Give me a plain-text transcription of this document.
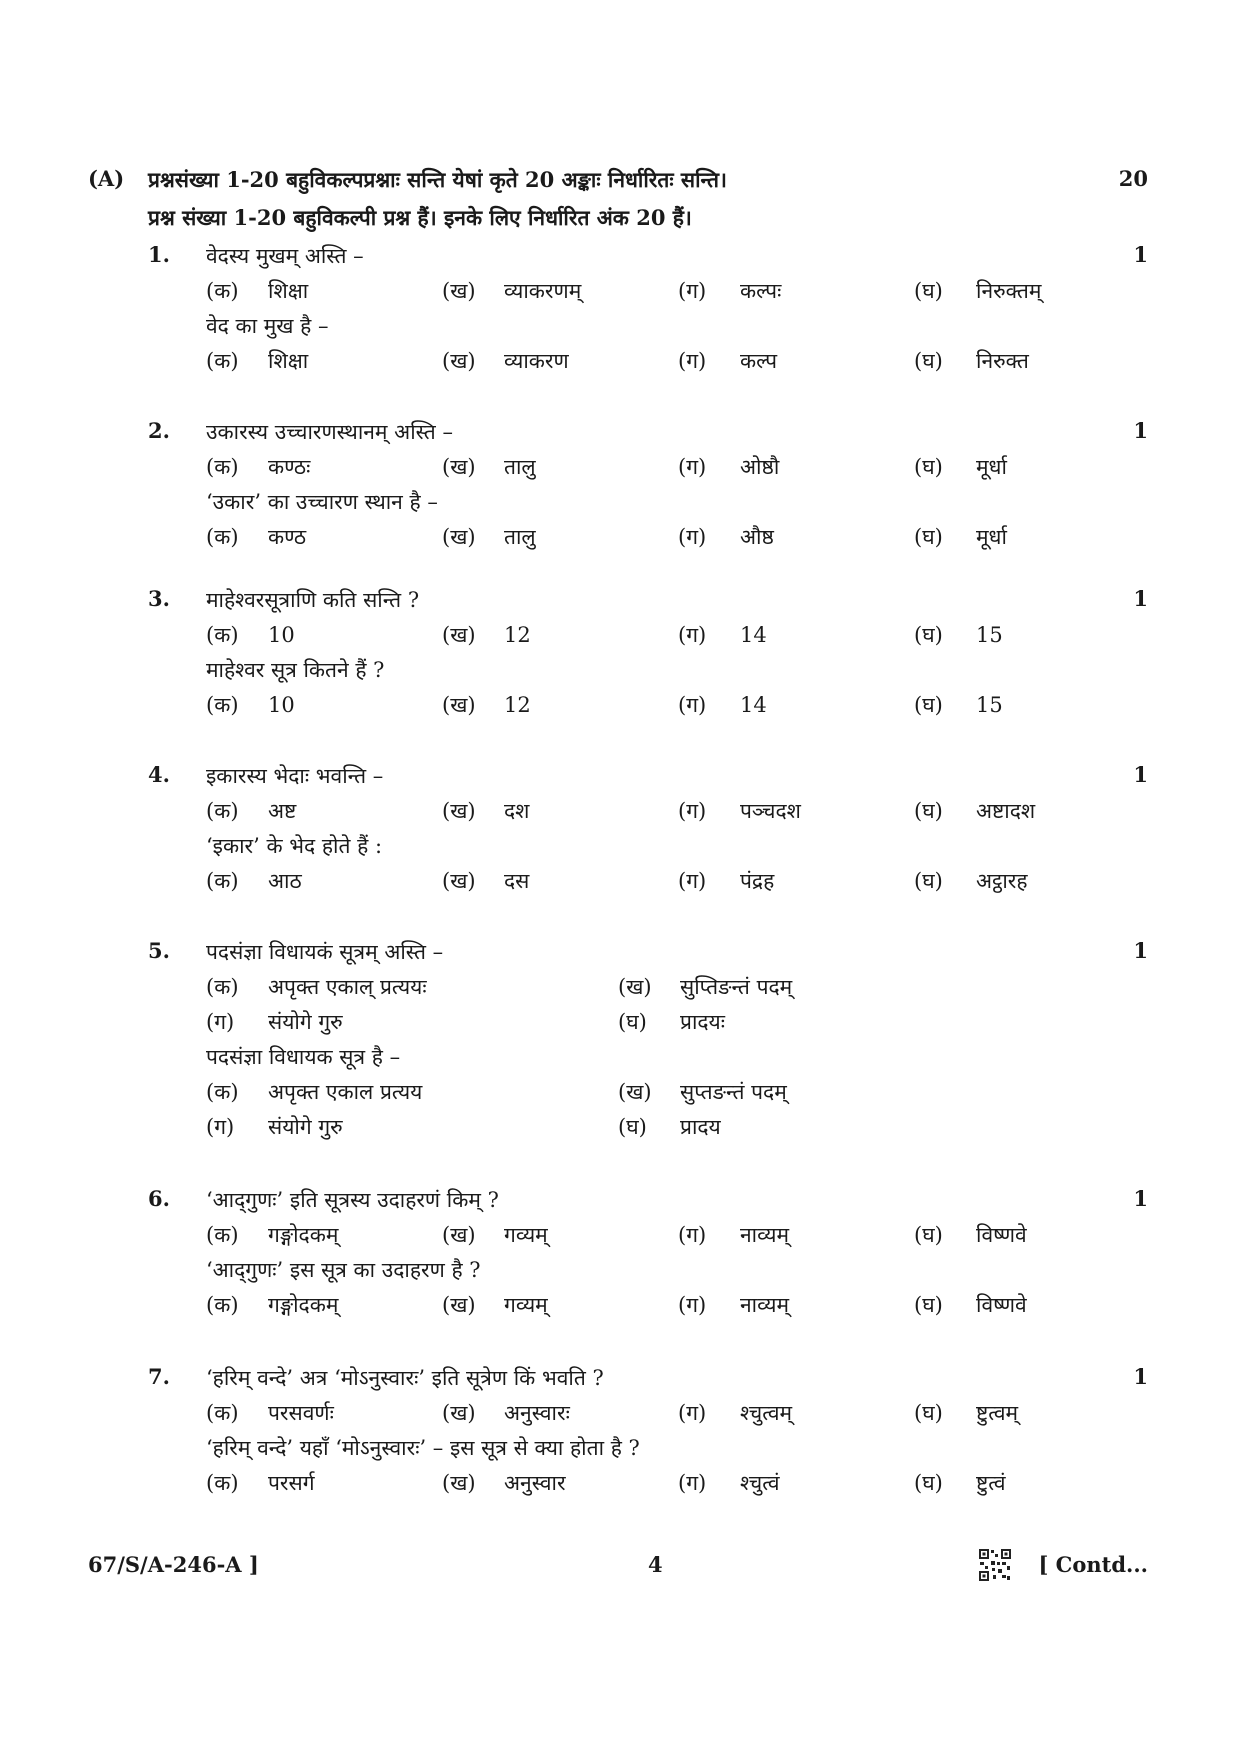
(A) प्रश्नसंख्या 1-20 बहुविकल्पप्रश्नाः सन्ति येषां कृते 20 अङ्काः निर्धारितः सन्ति।
प्रश्न संख्या 1-20 बहुविकल्पी प्रश्न हैं। इनके लिए निर्धारित अंक 20 हैं।
20
1.	1
वेदस्य मुखम् अस्ति –
(क) शिक्षा	(ख) व्याकरणम्	(ग) कल्पः	(घ) निरुक्तम्
वेद का मुख है –
(क) शिक्षा	(ख) व्याकरण	(ग) कल्प	(घ) निरुक्त
2.	1
उकारस्य उच्चारणस्थानम् अस्ति –
(क) कण्ठः	(ख) तालु	(ग) ओष्ठौ	(घ) मूर्धा
‘उकार’ का उच्चारण स्थान है –
(क) कण्ठ	(ख) तालु	(ग) औष्ठ	(घ) मूर्धा
3.	1
माहेश्वरसूत्राणि कति सन्ति ?
(क) 10	(ख) 12	(ग) 14	(घ) 15
माहेश्वर सूत्र कितने हैं ?
(क) 10	(ख) 12	(ग) 14	(घ) 15
4.	1
इकारस्य भेदाः भवन्ति –
(क) अष्ट	(ख) दश	(ग) पञ्चदश	(घ) अष्टादश
‘इकार’ के भेद होते हैं :
(क) आठ	(ख) दस	(ग) पंद्रह	(घ) अट्ठारह
5.	1
पदसंज्ञा विधायकं सूत्रम् अस्ति –
(क) अपृक्त एकाल् प्रत्ययः	(ख) सुप्तिङन्तं पदम्
(ग) संयोगे गुरु	(घ) प्रादयः
पदसंज्ञा विधायक सूत्र है –
(क) अपृक्त एकाल प्रत्यय	(ख) सुप्तङन्तं पदम्
(ग) संयोगे गुरु	(घ) प्रादय
6.	1
‘आद्‌गुणः’ इति सूत्रस्य उदाहरणं किम् ?
(क) गङ्गोदकम्	(ख) गव्यम्	(ग) नाव्यम्	(घ) विष्णवे
‘आद्‌गुणः’ इस सूत्र का उदाहरण है ?
(क) गङ्गोदकम्	(ख) गव्यम्	(ग) नाव्यम्	(घ) विष्णवे
7.	1
‘हरिम् वन्दे’ अत्र ‘मोऽनुस्वारः’ इति सूत्रेण किं भवति ?
(क) परसवर्णः	(ख) अनुस्वारः	(ग) श्चुत्वम्	(घ) ष्टुत्वम्
‘हरिम् वन्दे’ यहाँ ‘मोऽनुस्वारः’ – इस सूत्र से क्या होता है ?
(क) परसर्ग	(ख) अनुस्वार	(ग) श्चुत्वं	(घ) ष्टुत्वं
67/S/A-246-A ]	4	[ Contd...
